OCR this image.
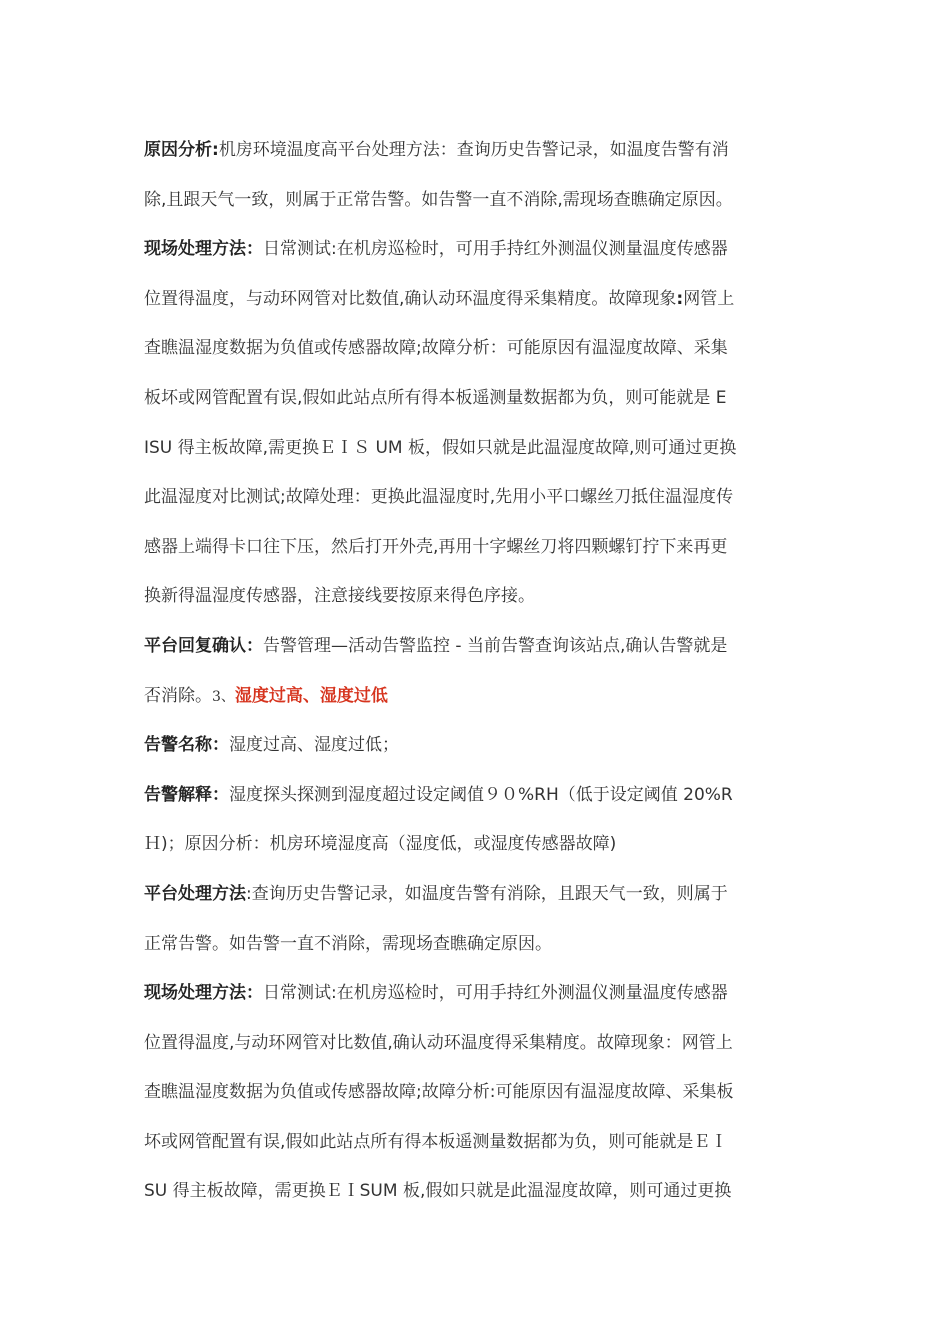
原因分析:机房环境温度高平台处理方法：查询历史告警记录，如温度告警有消
除,且跟天气一致，则属于正常告警。如告警一直不消除,需现场查瞧确定原因。
现场处理方法：日常测试:在机房巡检时，可用手持红外测温仪测量温度传感器
位置得温度，与动环网管对比数值,确认动环温度得采集精度。故障现象:网管上
查瞧温湿度数据为负值或传感器故障;故障分析：可能原因有温湿度故障、采集
板坏或网管配置有误,假如此站点所有得本板遥测量数据都为负，则可能就是 E
ISU 得主板故障,需更换ＥＩＳ UM 板，假如只就是此温湿度故障,则可通过更换
此温湿度对比测试;故障处理：更换此温湿度时,先用小平口螺丝刀抵住温湿度传
感器上端得卡口往下压，然后打开外壳,再用十字螺丝刀将四颗螺钉拧下来再更
换新得温湿度传感器，注意接线要按原来得色序接。
平台回复确认：告警管理—活动告警监控 - 当前告警查询该站点,确认告警就是
否消除。3、湿度过高、湿度过低
告警名称：湿度过高、湿度过低；
告警解释：湿度探头探测到湿度超过设定阈值９０%RH（低于设定阈值 20%R
Ｈ)；原因分析：机房环境湿度高（湿度低，或湿度传感器故障)
平台处理方法:查询历史告警记录，如温度告警有消除，且跟天气一致，则属于
正常告警。如告警一直不消除，需现场查瞧确定原因。
现场处理方法：日常测试:在机房巡检时，可用手持红外测温仪测量温度传感器
位置得温度,与动环网管对比数值,确认动环温度得采集精度。故障现象：网管上
查瞧温湿度数据为负值或传感器故障;故障分析:可能原因有温湿度故障、采集板
坏或网管配置有误,假如此站点所有得本板遥测量数据都为负，则可能就是ＥＩ
SU 得主板故障，需更换ＥＩSUM 板,假如只就是此温湿度故障，则可通过更换
